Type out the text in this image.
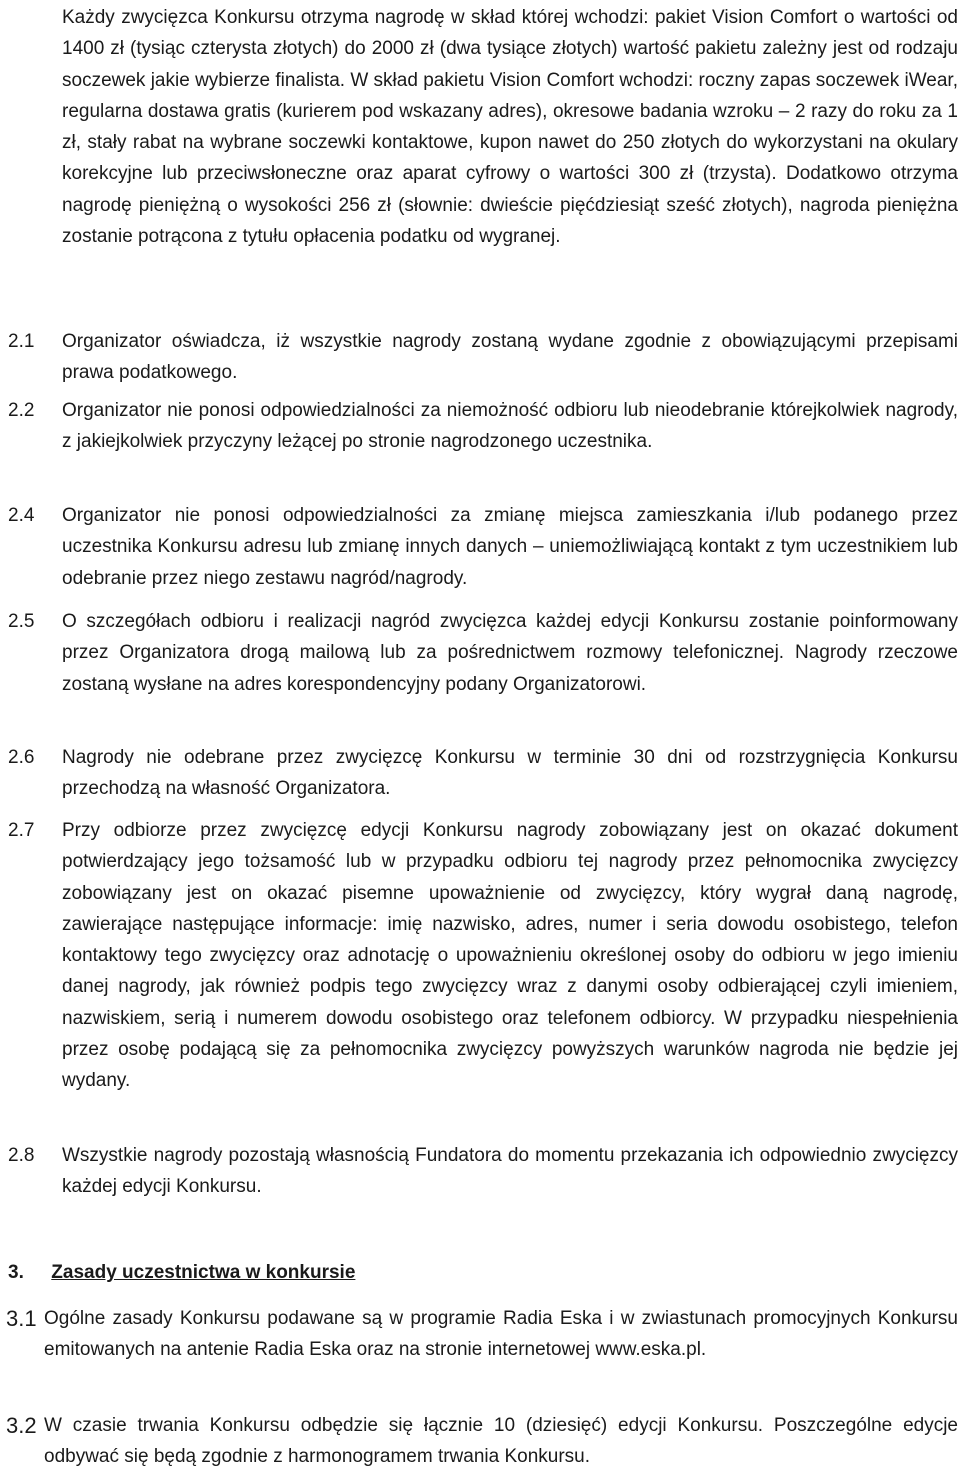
Każdy zwycięzca Konkursu otrzyma nagrodę w skład której wchodzi: pakiet Vision Comfort o wartości od 1400 zł (tysiąc czterysta złotych) do 2000 zł (dwa tysiące złotych) wartość pakietu zależny jest od rodzaju soczewek jakie wybierze finalista. W skład pakietu Vision Comfort wchodzi: roczny zapas soczewek iWear, regularna dostawa gratis (kurierem pod wskazany adres), okresowe badania wzroku – 2 razy do roku za 1 zł, stały rabat na wybrane soczewki kontaktowe, kupon nawet do 250 złotych do wykorzystani na okulary korekcyjne lub przeciwsłoneczne oraz aparat cyfrowy o wartości 300 zł (trzysta). Dodatkowo otrzyma nagrodę pieniężną o wysokości 256 zł (słownie: dwieście pięćdziesiąt sześć złotych), nagroda pieniężna zostanie potrącona z tytułu opłacenia podatku od wygranej.

2.1 Organizator oświadcza, iż wszystkie nagrody zostaną wydane zgodnie z obowiązującymi przepisami prawa podatkowego.

2.2 Organizator nie ponosi odpowiedzialności za niemożność odbioru lub nieodebranie którejkolwiek nagrody, z jakiejkolwiek przyczyny leżącej po stronie nagrodzonego uczestnika.

2.4 Organizator nie ponosi odpowiedzialności za zmianę miejsca zamieszkania i/lub podanego przez uczestnika Konkursu adresu lub zmianę innych danych – uniemożliwiającą kontakt z tym uczestnikiem lub odebranie przez niego zestawu nagród/nagrody.

2.5 O szczegółach odbioru i realizacji nagród zwycięzca każdej edycji Konkursu zostanie poinformowany przez Organizatora drogą mailową lub za pośrednictwem rozmowy telefonicznej. Nagrody rzeczowe zostaną wysłane na adres korespondencyjny podany Organizatorowi.

2.6 Nagrody nie odebrane przez zwycięzcę Konkursu w terminie 30 dni od rozstrzygnięcia Konkursu przechodzą na własność Organizatora.

2.7 Przy odbiorze przez zwycięzcę edycji Konkursu nagrody zobowiązany jest on okazać dokument potwierdzający jego tożsamość lub w przypadku odbioru tej nagrody przez pełnomocnika zwycięzcy zobowiązany jest on okazać pisemne upoważnienie od zwycięzcy, który wygrał daną nagrodę, zawierające następujące informacje: imię nazwisko, adres, numer i seria dowodu osobistego, telefon kontaktowy tego zwycięzcy oraz adnotację o upoważnieniu określonej osoby do odbioru w jego imieniu danej nagrody, jak również podpis tego zwycięzcy wraz z danymi osoby odbierającej czyli imieniem, nazwiskiem, serią i numerem dowodu osobistego oraz telefonem odbiorcy. W przypadku niespełnienia przez osobę podającą się za pełnomocnika zwycięzcy powyższych warunków nagroda nie będzie jej wydany.

2.8 Wszystkie nagrody pozostają własnością Fundatora do momentu przekazania ich odpowiednio zwycięzcy każdej edycji Konkursu.

3. Zasady uczestnictwa w konkursie
3.1 Ogólne zasady Konkursu podawane są w programie Radia Eska i w zwiastunach promocyjnych Konkursu emitowanych na antenie Radia Eska oraz na stronie internetowej www.eska.pl.

3.2 W czasie trwania Konkursu odbędzie się łącznie 10 (dziesięć) edycji Konkursu. Poszczególne edycje odbywać się będą zgodnie z harmonogramem trwania Konkursu.
